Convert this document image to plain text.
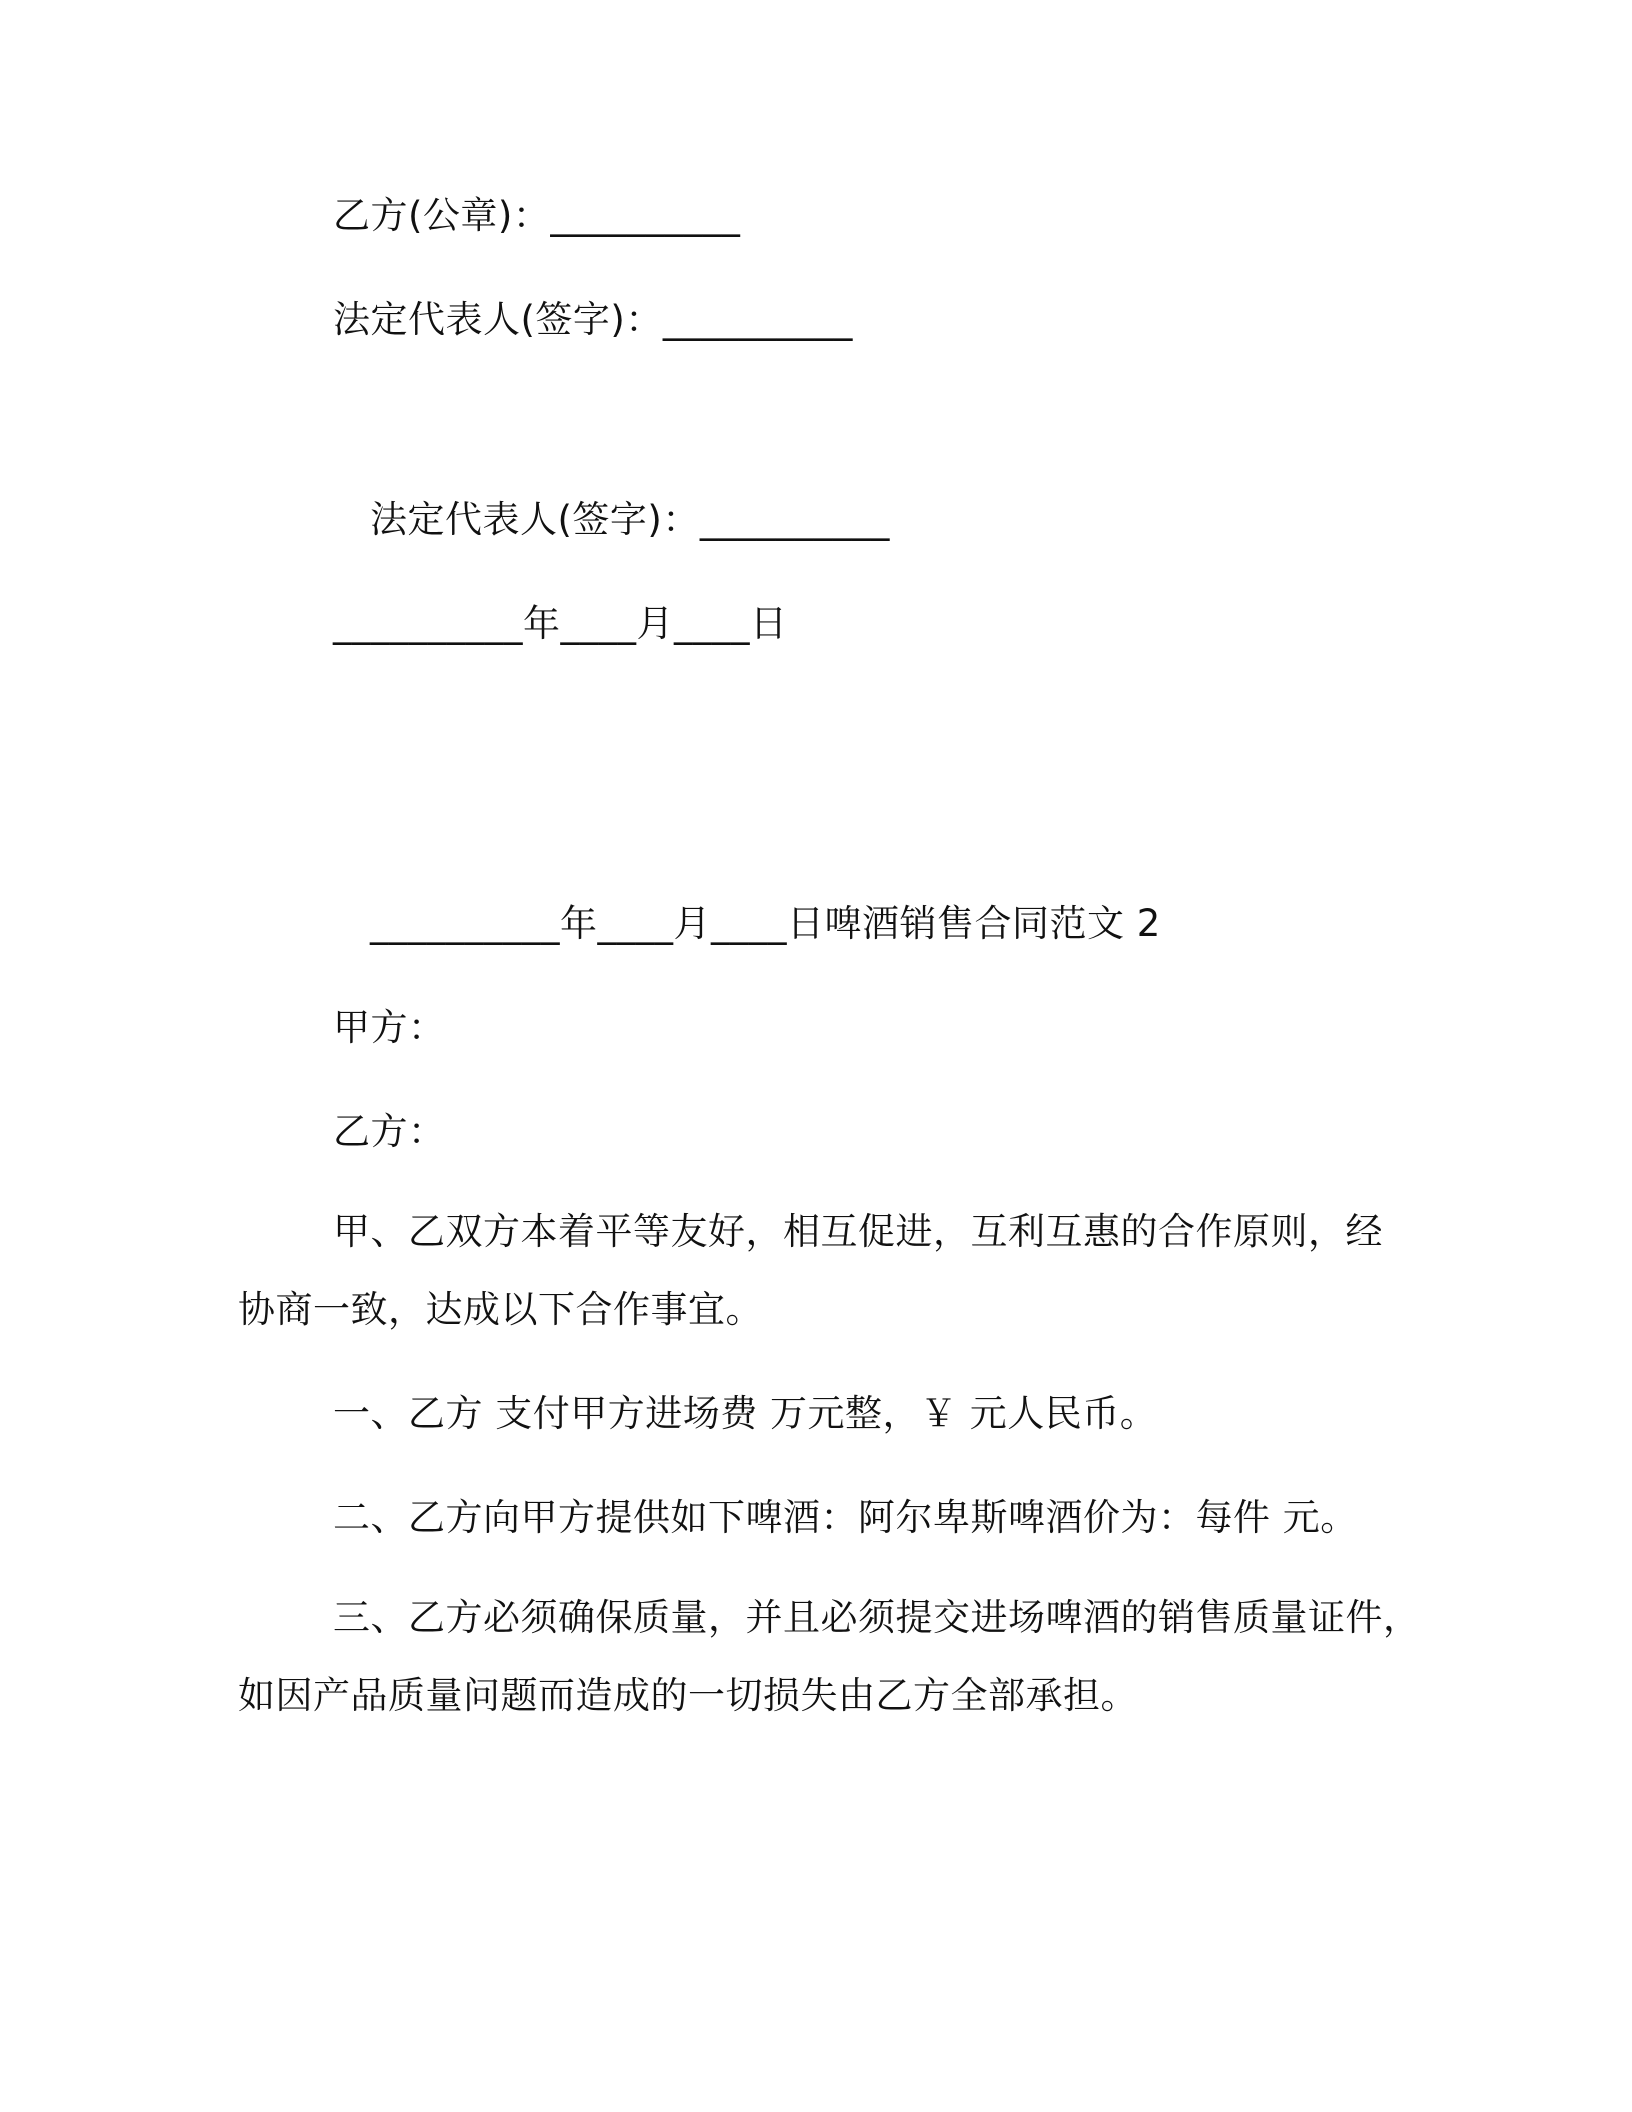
乙方(公章)：__________
法定代表人(签字)：__________
法定代表人(签字)：__________
__________年____月____日
__________年____月____日啤酒销售合同范文 2
甲方：
乙方：
甲、乙双方本着平等友好，相互促进，互利互惠的合作原则，经
协商一致，达成以下合作事宜。
一、乙方 支付甲方进场费 万元整，￥ 元人民币。
二、乙方向甲方提供如下啤酒：阿尔卑斯啤酒价为：每件 元。
三、乙方必须确保质量，并且必须提交进场啤酒的销售质量证件，
如因产品质量问题而造成的一切损失由乙方全部承担。
